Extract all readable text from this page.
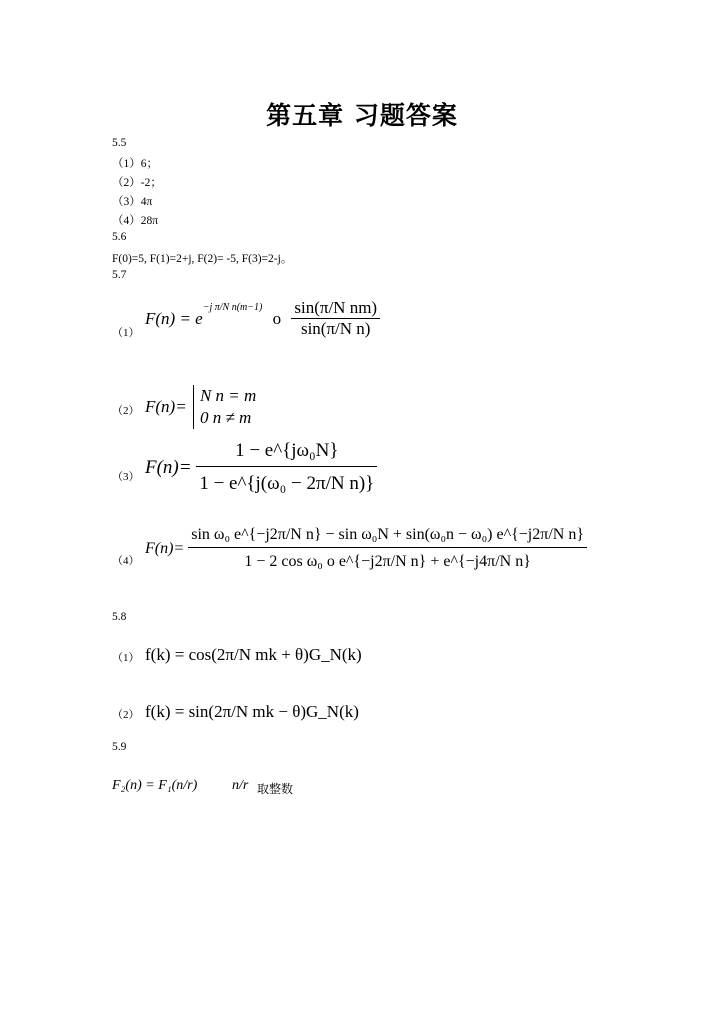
第五章 习题答案
5.5
（1）6；
（2）-2；
（3）4π
（4）28π
5.6
F(0)=5, F(1)=2+j, F(2)= -5, F(3)=2-j。
5.7
（1）
$F(n) = e^{-j \pi/N n(m-1)}$ o $\frac{\text{sin(π/N nm)}}{\text{sin(π/N n)}}$
（2） F(n)=
N n = m
0 n ≠ m
（3） $F(n)= \frac{\text{1 − e\textasciicircum{}\{jω₀N\}}}{\text{1 − e\textasciicircum{}\{j(ω₀ − 2π/N n)\}}}$
（4）
$F(n)= \frac{\text{sin ω₀ e\textasciicircum{}\{−j2π/N n\} − sin ω₀N + sin(ω₀n − ω₀) e\textasciicircum{}\{−j2π/N n\}}}{\text{1 − 2 cos ω₀ o e\textasciicircum{}\{−j2π/N n\} + e\textasciicircum{}\{−j4π/N n\}}}$
5.8
（1） f(k) = cos(2π/N mk + θ)G_N(k)
（2） f(k) = sin(2π/N mk − θ)G_N(k)
5.9
F₂(n) = F₁(n/r) n/r 取整数
